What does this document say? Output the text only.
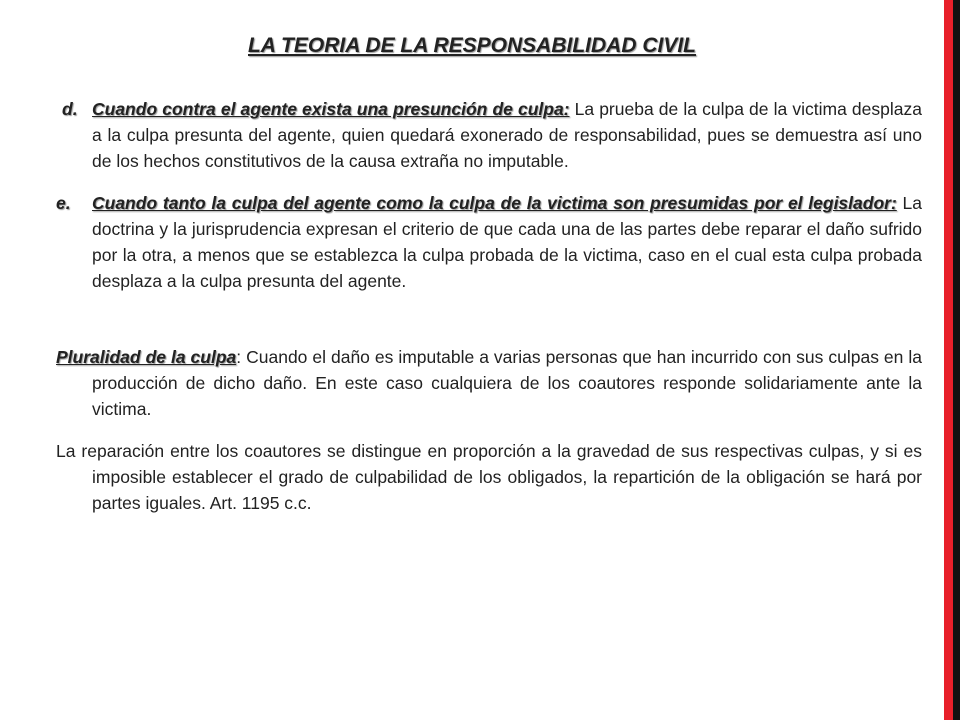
LA TEORIA DE LA RESPONSABILIDAD CIVIL

d. Cuando contra el agente exista una presunción de culpa: La prueba de la culpa de la victima desplaza a la culpa presunta del agente, quien quedará exonerado de responsabilidad, pues se demuestra así uno de los hechos constitutivos de la causa extraña no imputable.

e. Cuando tanto la culpa del agente como la culpa de la victima son presumidas por el legislador: La doctrina y la jurisprudencia expresan el criterio de que cada una de las partes debe reparar el daño sufrido por la otra, a menos que se establezca la culpa probada de la victima, caso en el cual esta culpa probada desplaza a la culpa presunta del agente.

Pluralidad de la culpa: Cuando el daño es imputable a varias personas que han incurrido con sus culpas en la producción de dicho daño. En este caso cualquiera de los coautores responde solidariamente ante la victima.

La reparación entre los coautores se distingue en proporción a la gravedad de sus respectivas culpas, y si es imposible establecer el grado de culpabilidad de los obligados, la repartición de la obligación se hará por partes iguales. Art. 1195 c.c.
